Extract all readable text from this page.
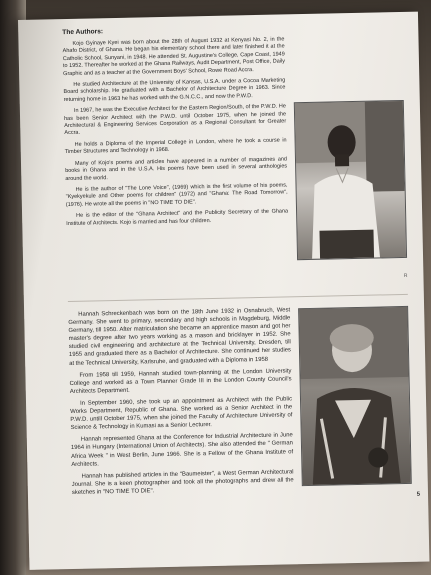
The Authors:

Kojo Gyinaye Kyei was born about the 28th of August 1932 at Kenyasi No. 2, in the Ahafo District, of Ghana. He began his elementary school there and later finished it at the Catholic School, Sunyani, in 1948. He attended St. Augustine's College, Cape Coast, 1949 to 1952. Thereafter he worked at the Ghana Railways, Audit Department, Post Office, Daily Graphic and as a teacher at the Government Boys' School, Rowe Road Accra.

He studied Architecture at the University of Kansas, U.S.A. under a Cocoa Marketing Board scholarship. He graduated with a Bachelor of Architecture Degree in 1963. Since returning home in 1963 he has worked with the G.N.C.C., and now the P.W.D.

In 1967, he was the Executive Architect for the Eastern Region/South, of the P.W.D. He has been Senior Architect with the P.W.D. until October 1975, when he joined the Architectural & Engineering Services Corporation as a Regional Consultant for Greater Accra.

He holds a Diploma of the Imperial College in London, where he took a course in Timber Structures and Technology in 1968.

Many of Kojo's poems and articles have appeared in a number of magazines and books in Ghana and in the U.S.A. His poems have been used in several anthologies around the world.

He is the author of "The Lone Voice", (1969) which is the first volume of his poems, "Kyekyekule and Other poems for children" (1972) and "Ghana: The Road Tomorrow", (1976). He wrote all the poems in "NO TIME TO DIE".

He is the editor of the "Ghana Architect" and the Publicity Secretary of the Ghana Institute of Architects. Kojo is married and has four children.

R

Hannah Schreckenbach was born on the 18th June 1932 in Osnabruch, West Germany. She went to primary, secondary and high schools in Magdeburg, Middle Germany, till 1950. After matriculation she became an apprentice mason and got her master's degree after two years working as a mason and bricklayer in 1952. She studied civil engineering and architecture at the Technical University, Dresden, till 1955 and graduated there as a Bachelor of Architecture. She continued her studies at the Technical University, Karlsruhe, and graduated with a Diploma in 1958

From 1958 till 1959, Hannah studied town-planning at the London University College and worked as a Town Planner Grade III in the London County Council's Architects Department.

In September 1960, she took up an appointment as Architect with the Public Works Department, Republic of Ghana. She worked as a Senior Architect in the P.W.D. untill October 1975, when she joined the Faculty of Architecture University of Science & Technology in Kumasi as a Senior Lecturer.

Hannah represented Ghana at the Conference for Industrial Architecture in June 1964 in Hungary (International Union of Architects). She also attended the " German Africa Week " in West Berlin, June 1966. She is a Fellow of the Ghana Institute of Architects.

Hannah has published articles in the "Baumeister", a West German Architectural Journal. She is a keen photographer and took all the photographs and drew all the sketches in "NO TIME TO DIE".	5
